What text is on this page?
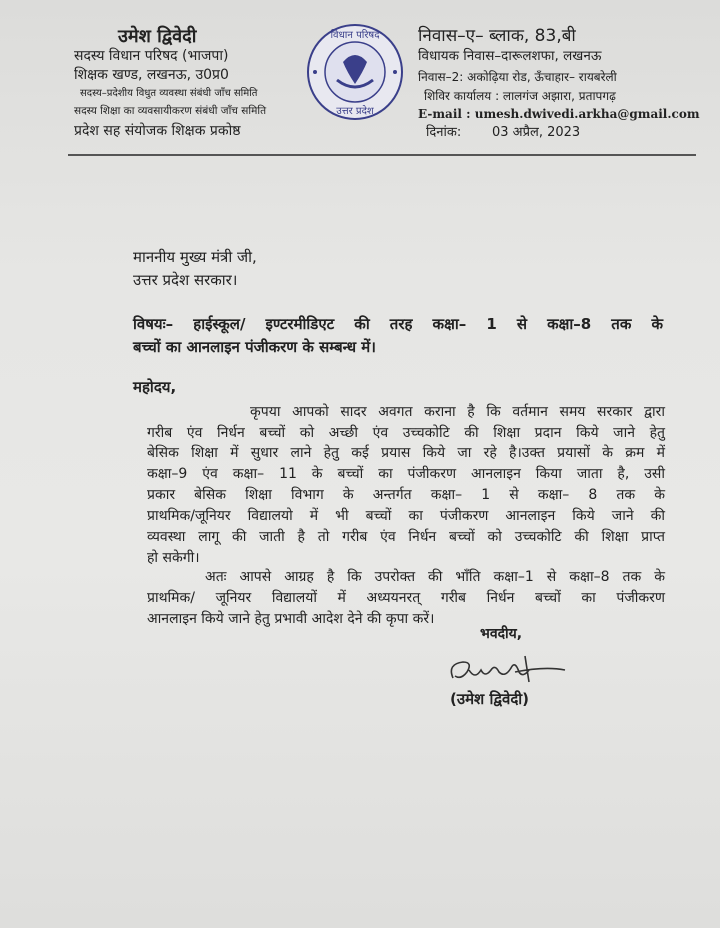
उमेश द्विवेदी
सदस्य विधान परिषद (भाजपा)
शिक्षक खण्ड, लखनऊ, उ0प्र0
सदस्य–प्रदेशीय विधुत व्यवस्था संबंधी जाँच समिति
सदस्य शिक्षा का व्यवसायीकरण संबंधी जाँच समिति
प्रदेश सह संयोजक शिक्षक प्रकोष्ठ
विधान परिषद
उत्तर प्रदेश
निवास–ए– ब्लाक, 83,बी
विधायक निवास–दारूलशफा, लखनऊ
निवास–2: अकोढ़िया रोड, ऊँचाहार– रायबरेली
शिविर कार्यालय : लालगंज अझारा, प्रतापगढ़
E-mail : umesh.dwivedi.arkha@gmail.com
दिनांक: 03 अप्रैल, 2023
माननीय मुख्य मंत्री जी,
उत्तर प्रदेश सरकार।
विषयः– हाईस्कूल/ इण्टरमीडिएट की तरह कक्षा– 1 से कक्षा–8 तक के
बच्चों का आनलाइन पंजीकरण के सम्बन्ध में।
महोदय,
कृपया आपको सादर अवगत कराना है कि वर्तमान समय सरकार द्वारा
गरीब एंव निर्धन बच्चों को अच्छी एंव उच्चकोटि की शिक्षा प्रदान किये जाने हेतु
बेसिक शिक्षा में सुधार लाने हेतु कई प्रयास किये जा रहे है।उक्त प्रयासों के क्रम में
कक्षा–9 एंव कक्षा– 11 के बच्चों का पंजीकरण आनलाइन किया जाता है, उसी
प्रकार बेसिक शिक्षा विभाग के अन्तर्गत कक्षा– 1 से कक्षा– 8 तक के
प्राथमिक/जूनियर विद्यालयो में भी बच्चों का पंजीकरण आनलाइन किये जाने की
व्यवस्था लागू की जाती है तो गरीब एंव निर्धन बच्चों को उच्चकोटि की शिक्षा प्राप्त
हो सकेगी।
अतः आपसे आग्रह है कि उपरोक्त की भाँति कक्षा–1 से कक्षा–8 तक के
प्राथमिक/ जूनियर विद्यालयों में अध्ययनरत् गरीब निर्धन बच्चों का पंजीकरण
आनलाइन किये जाने हेतु प्रभावी आदेश देने की कृपा करें।
भवदीय,
(उमेश द्विवेदी)
